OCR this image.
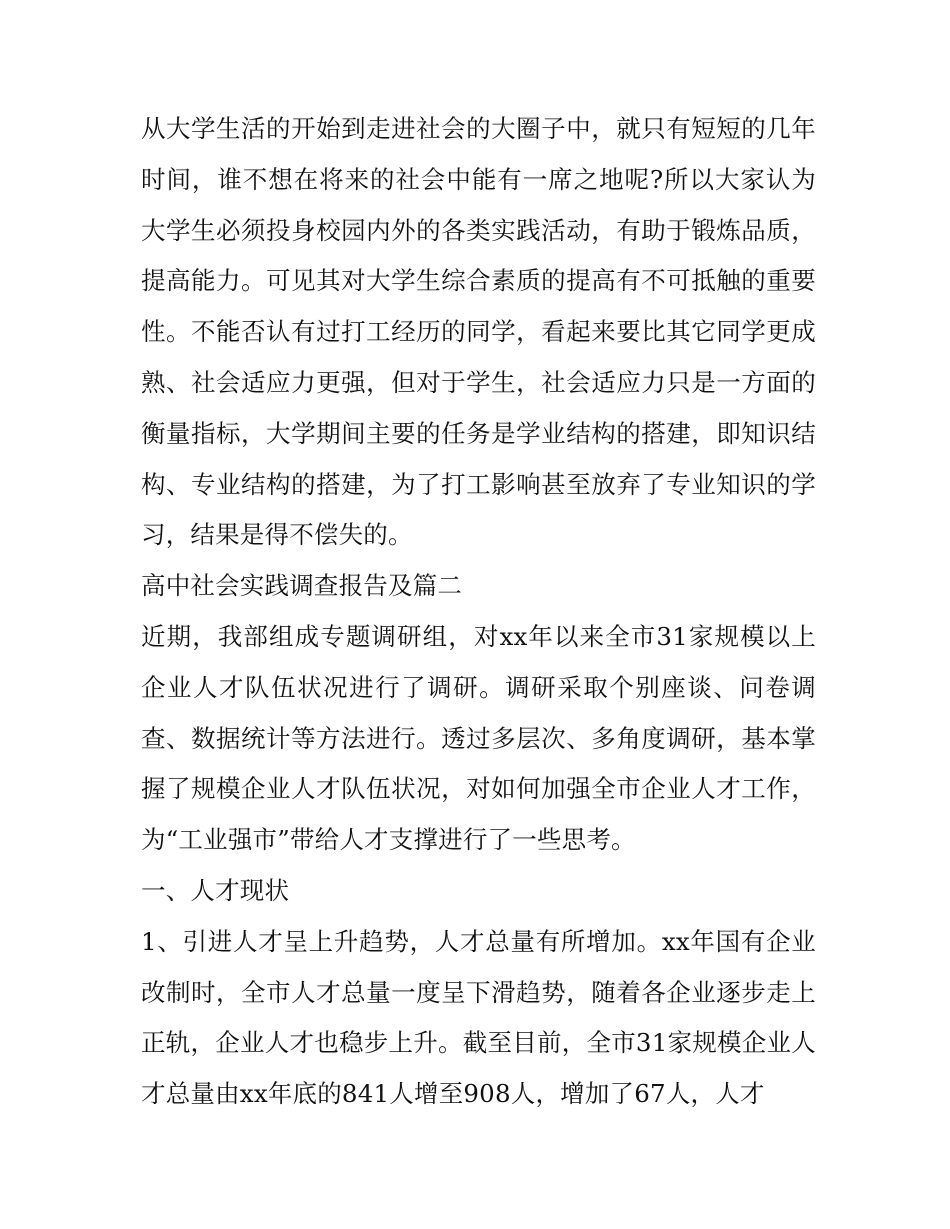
从大学生活的开始到走进社会的大圈子中，就只有短短的几年时间，谁不想在将来的社会中能有一席之地呢?所以大家认为大学生必须投身校园内外的各类实践活动，有助于锻炼品质，提高能力。可见其对大学生综合素质的提高有不可抵触的重要性。不能否认有过打工经历的同学，看起来要比其它同学更成熟、社会适应力更强，但对于学生，社会适应力只是一方面的衡量指标，大学期间主要的任务是学业结构的搭建，即知识结构、专业结构的搭建，为了打工影响甚至放弃了专业知识的学习，结果是得不偿失的。

高中社会实践调查报告及篇二

近期，我部组成专题调研组，对xx年以来全市31家规模以上企业人才队伍状况进行了调研。调研采取个别座谈、问卷调查、数据统计等方法进行。透过多层次、多角度调研，基本掌握了规模企业人才队伍状况，对如何加强全市企业人才工作，为“工业强市”带给人才支撑进行了一些思考。

一、人才现状

1、引进人才呈上升趋势，人才总量有所增加。xx年国有企业改制时，全市人才总量一度呈下滑趋势，随着各企业逐步走上正轨，企业人才也稳步上升。截至目前，全市31家规模企业人才总量由xx年底的841人增至908人，增加了67人，人才
